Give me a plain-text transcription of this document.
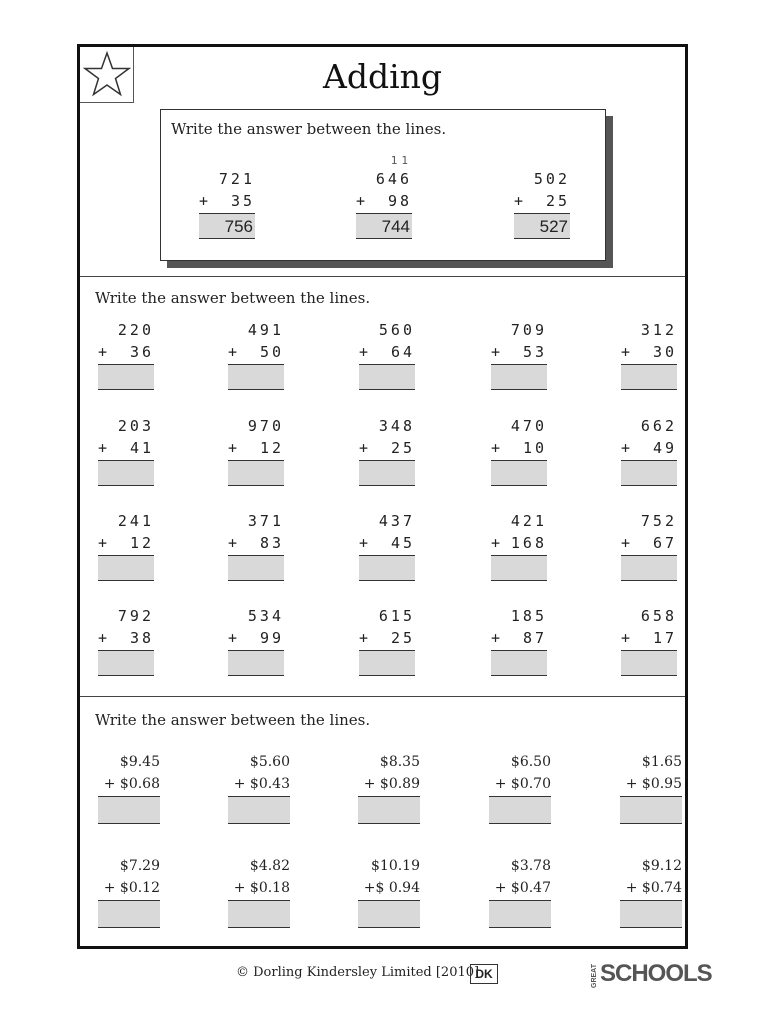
Adding
Write the answer between the lines.
721
+ 35
756
11
646
+ 98
744
502
+ 25
527
Write the answer between the lines.
220
+ 36
491
+ 50
560
+ 64
709
+ 53
312
+ 30
203
+ 41
970
+ 12
348
+ 25
470
+ 10
662
+ 49
241
+ 12
371
+ 83
437
+ 45
421
+ 168
752
+ 67
792
+ 38
534
+ 99
615
+ 25
185
+ 87
658
+ 17
Write the answer between the lines.
$9.45
+ $0.68
$5.60
+ $0.43
$8.35
+ $0.89
$6.50
+ $0.70
$1.65
+ $0.95
$7.29
+ $0.12
$4.82
+ $0.18
$10.19
+$ 0.94
$3.78
+ $0.47
$9.12
+ $0.74
© Dorling Kindersley Limited [2010]
DK	GREAT SCHOOLS
